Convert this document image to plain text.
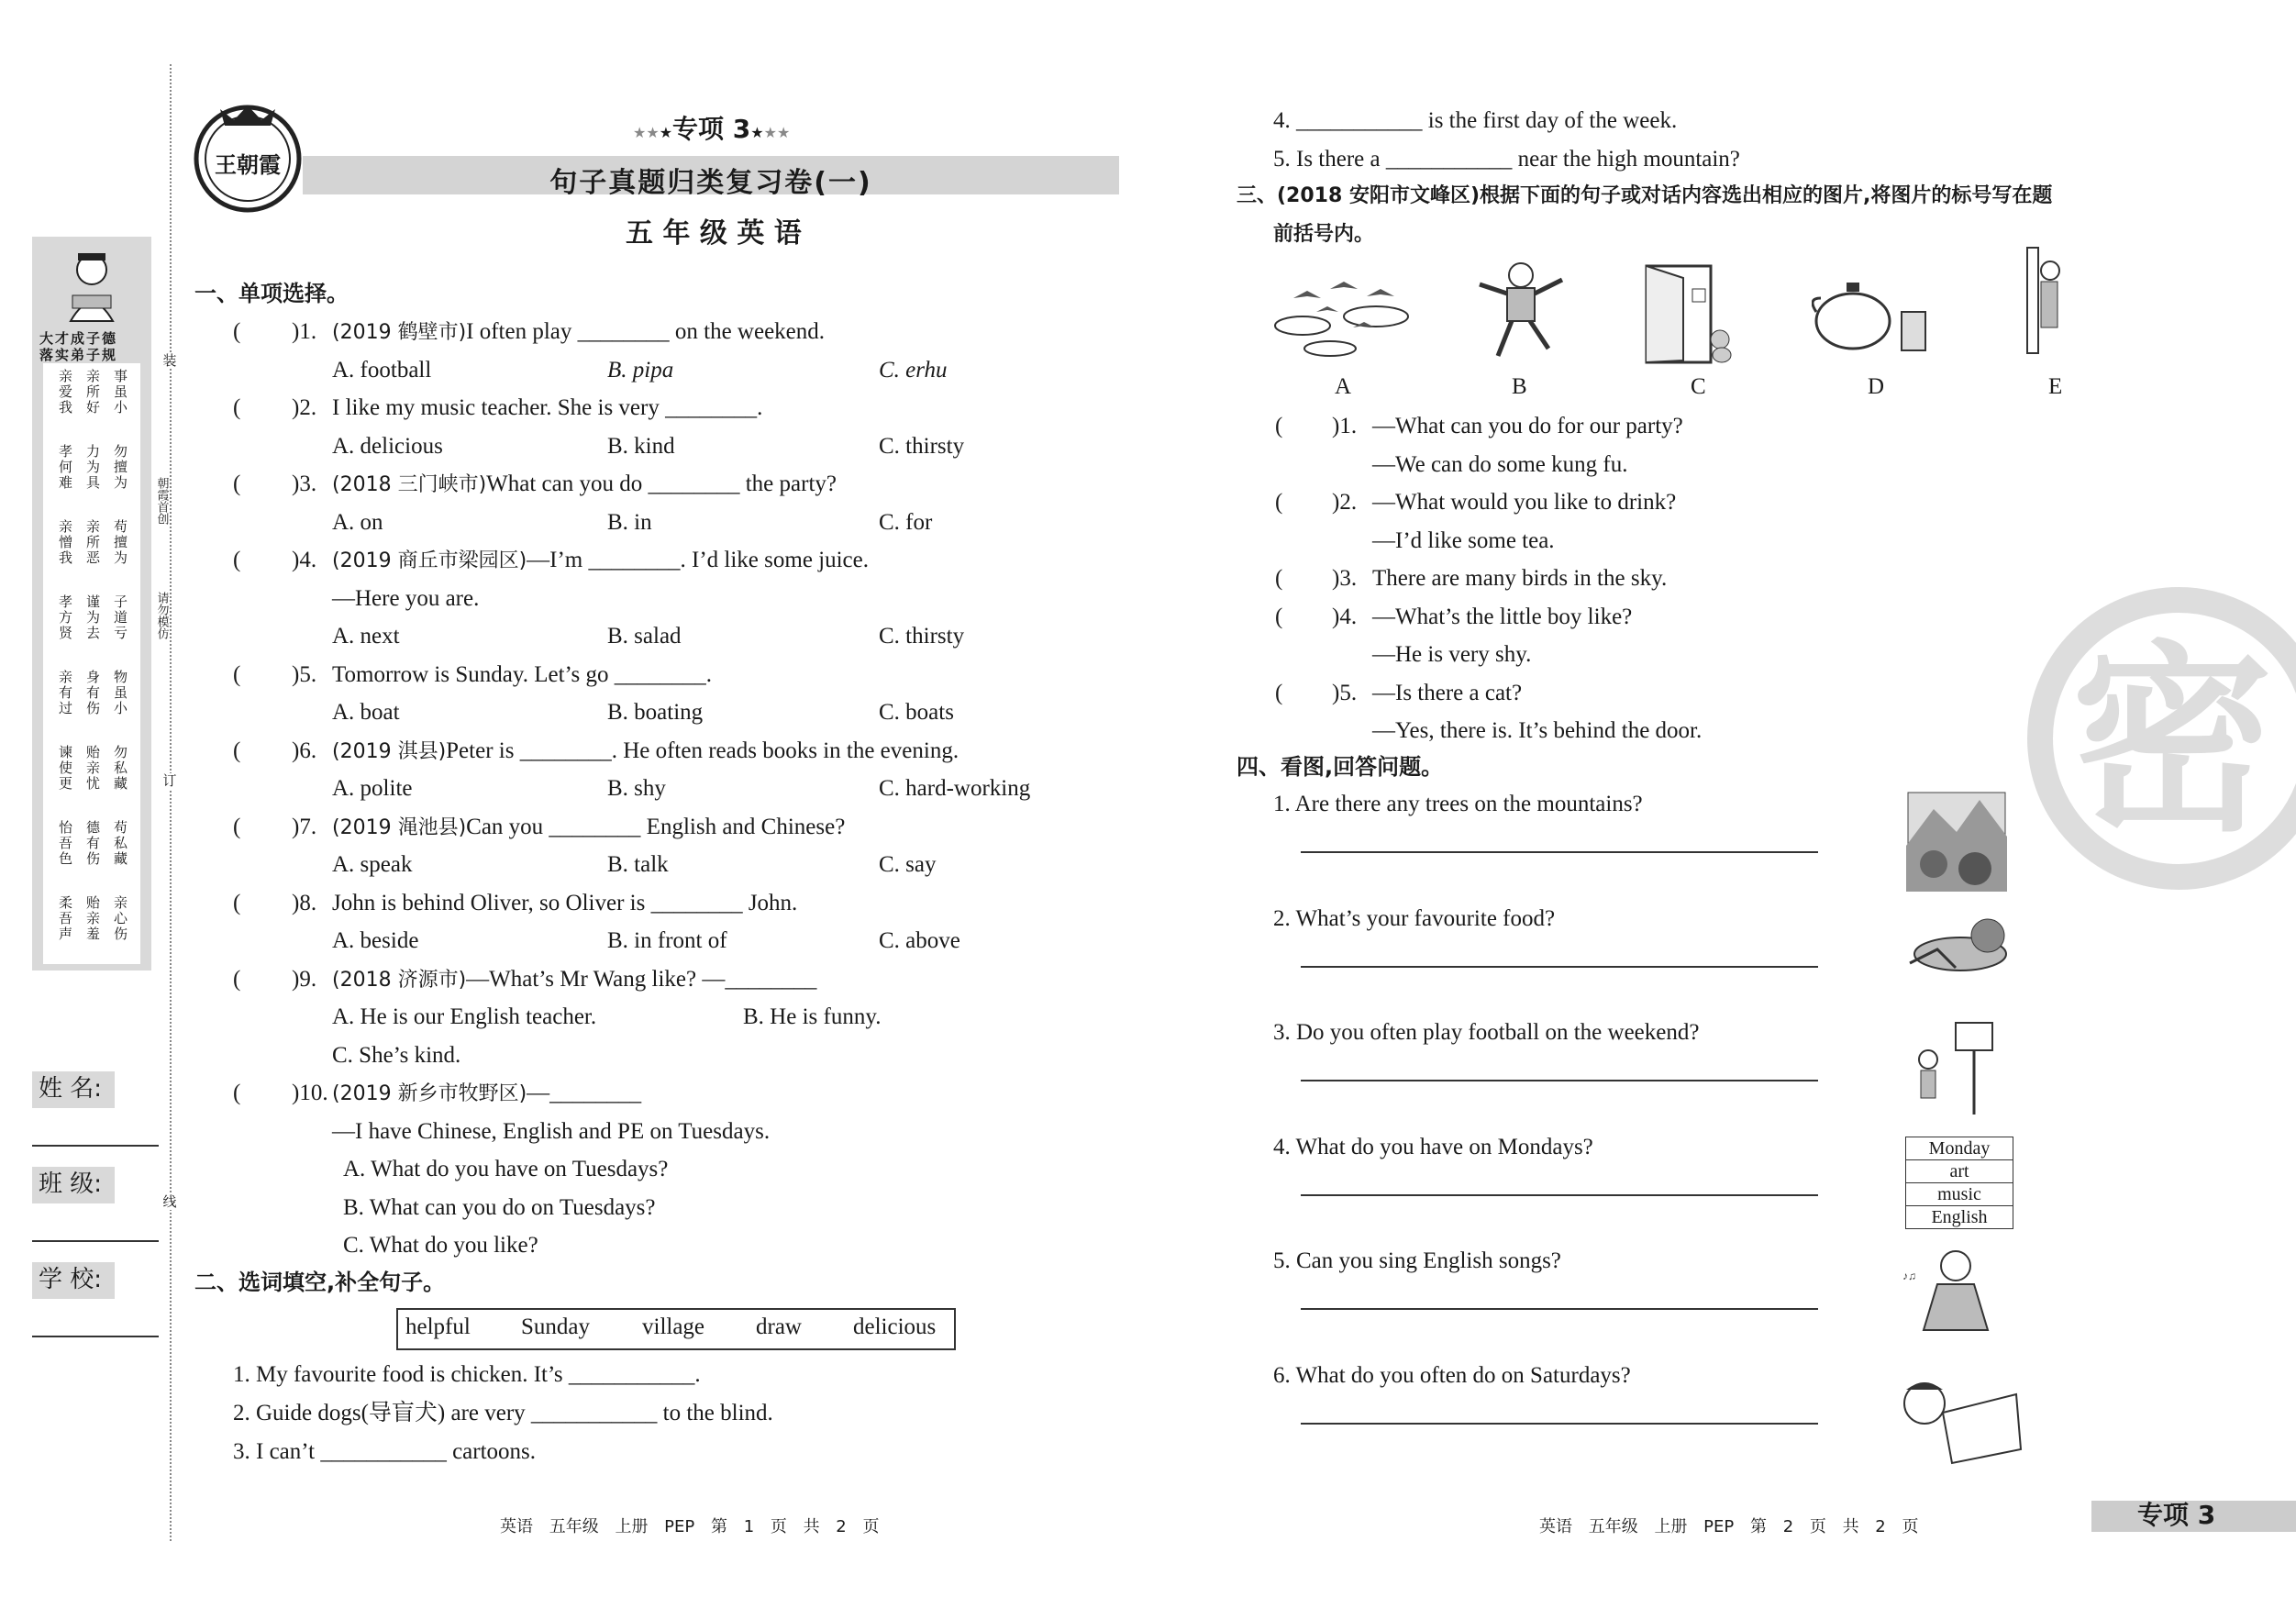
大才成子德
落实弟子规
亲爱我 亲所好 事虽小
孝何难 力为具 勿擅为
亲憎我 亲所恶 苟擅为
孝方贤 谨为去 子道亏
亲有过 身有伤 物虽小
谏使更 贻亲忧 勿私藏
怡吾色 德有伤 苟私藏
柔吾声 贻亲羞 亲心伤
装
朝霞首创
请勿模仿
订
线
姓 名:
班 级:
学 校:
王朝霞
★★★专项 3★★★
句子真题归类复习卷(一)
五 年 级 英 语
一、单项选择。
二、选词填空,补全句子。
helpful Sunday village draw delicious
1. My favourite food is chicken. It’s ___________.
2. Guide dogs(导盲犬) are very ___________ to the blind.
3. I can’t ___________ cartoons.
4. ___________ is the first day of the week.
5. Is there a ___________ near the high mountain?
三、(2018 安阳市文峰区)根据下面的句子或对话内容选出相应的图片,将图片的标号写在题
前括号内。
A	B	C	D	E
四、看图,回答问题。
Monday
art
music
English
♪♫
密
英语 五年级 上册 PEP 第 1 页 共 2 页	英语 五年级 上册 PEP 第 2 页 共 2 页	专项 3
( )1. (2019 鹤壁市)I often play ________ on the weekend.
A. football	B. pipa	C. erhu
( )2. I like my music teacher. She is very ________.
A. delicious	B. kind	C. thirsty
( )3. (2018 三门峡市)What can you do ________ the party?
A. on	B. in	C. for
( )4. (2019 商丘市梁园区)—I’m ________. I’d like some juice.
—Here you are.
A. next	B. salad	C. thirsty
( )5. Tomorrow is Sunday. Let’s go ________.
A. boat	B. boating	C. boats
( )6. (2019 淇县)Peter is ________. He often reads books in the evening.
A. polite	B. shy	C. hard-working
( )7. (2019 渑池县)Can you ________ English and Chinese?
A. speak	B. talk	C. say
( )8. John is behind Oliver, so Oliver is ________ John.
A. beside	B. in front of	C. above
( )9. (2018 济源市)—What’s Mr Wang like? —________
A. He is our English teacher.	B. He is funny.
C. She’s kind.
( )10. (2019 新乡市牧野区)—________
—I have Chinese, English and PE on Tuesdays.
A. What do you have on Tuesdays?
B. What can you do on Tuesdays?
C. What do you like?
( )1. —What can you do for our party?
—We can do some kung fu.
( )2. —What would you like to drink?
—I’d like some tea.
( )3. There are many birds in the sky.
( )4. —What’s the little boy like?
—He is very shy.
( )5. —Is there a cat?
—Yes, there is. It’s behind the door.
1. Are there any trees on the mountains?
2. What’s your favourite food?
3. Do you often play football on the weekend?
4. What do you have on Mondays?
5. Can you sing English songs?
6. What do you often do on Saturdays?
